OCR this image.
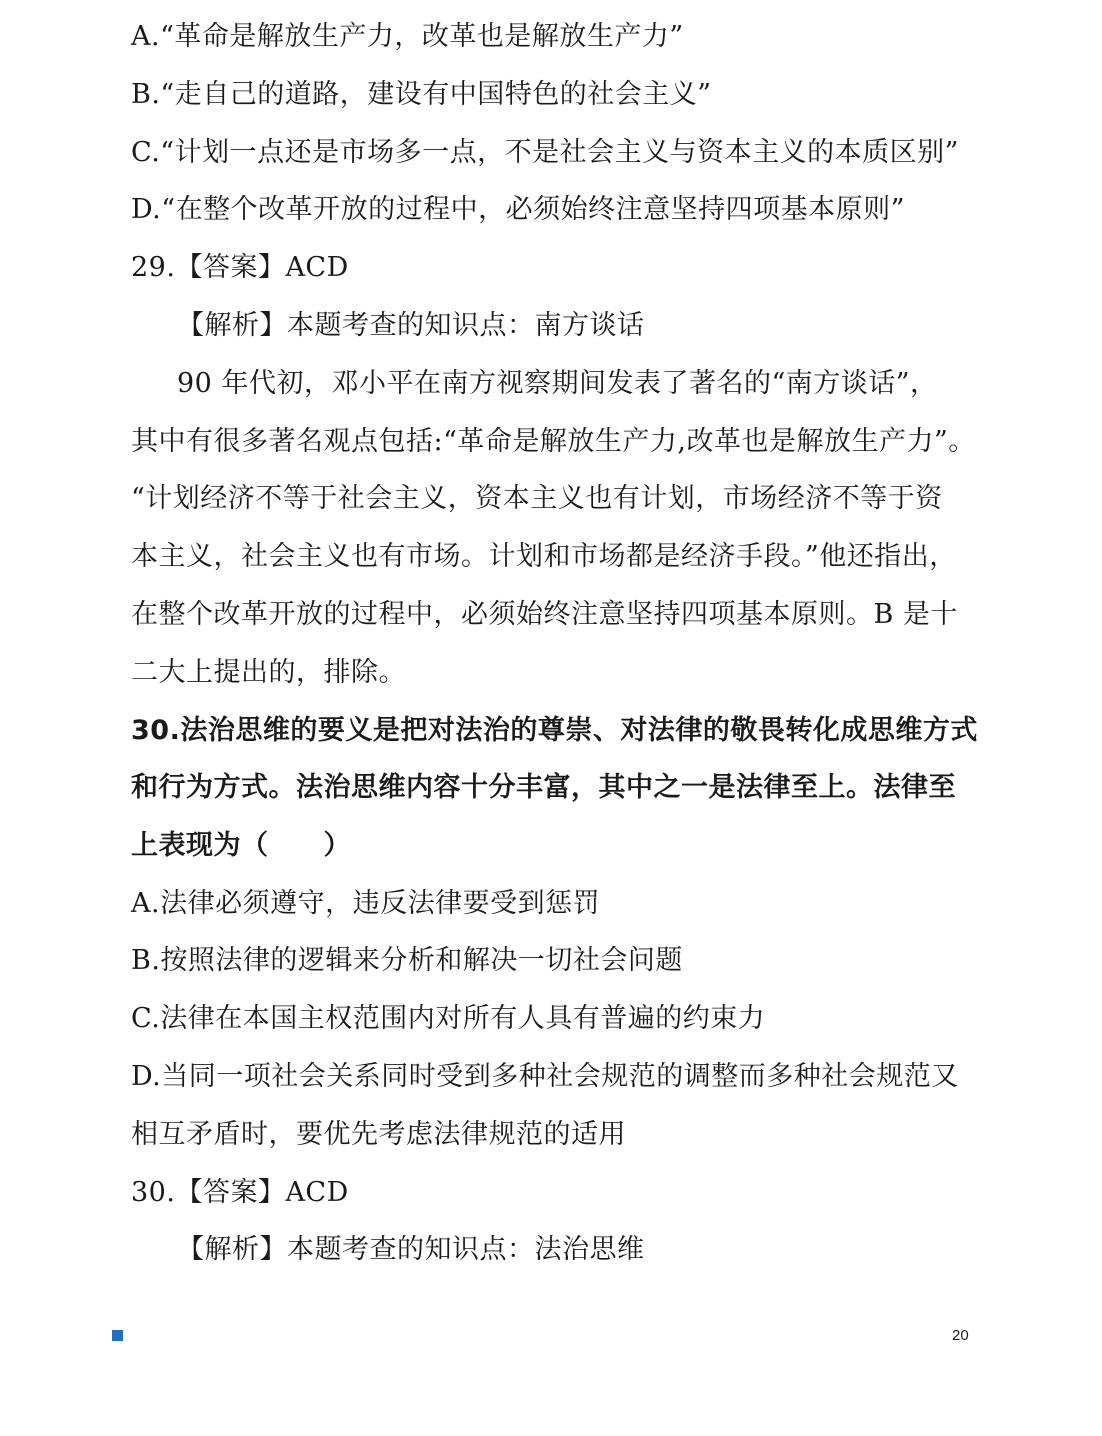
A.“革命是解放生产力，改革也是解放生产力”
B.“走自己的道路，建设有中国特色的社会主义”
C.“计划一点还是市场多一点，不是社会主义与资本主义的本质区别”
D.“在整个改革开放的过程中，必须始终注意坚持四项基本原则”
29.【答案】ACD
【解析】本题考查的知识点：南方谈话
90 年代初，邓小平在南方视察期间发表了著名的“南方谈话”，
其中有很多著名观点包括:“革命是解放生产力,改革也是解放生产力”。
“计划经济不等于社会主义，资本主义也有计划，市场经济不等于资
本主义，社会主义也有市场。计划和市场都是经济手段。”他还指出，
在整个改革开放的过程中，必须始终注意坚持四项基本原则。B 是十
二大上提出的，排除。
30.法治思维的要义是把对法治的尊崇、对法律的敬畏转化成思维方式
和行为方式。法治思维内容十分丰富，其中之一是法律至上。法律至
上表现为（　　）
A.法律必须遵守，违反法律要受到惩罚
B.按照法律的逻辑来分析和解决一切社会问题
C.法律在本国主权范围内对所有人具有普遍的约束力
D.当同一项社会关系同时受到多种社会规范的调整而多种社会规范又
相互矛盾时，要优先考虑法律规范的适用
30.【答案】ACD
【解析】本题考查的知识点：法治思维
20
